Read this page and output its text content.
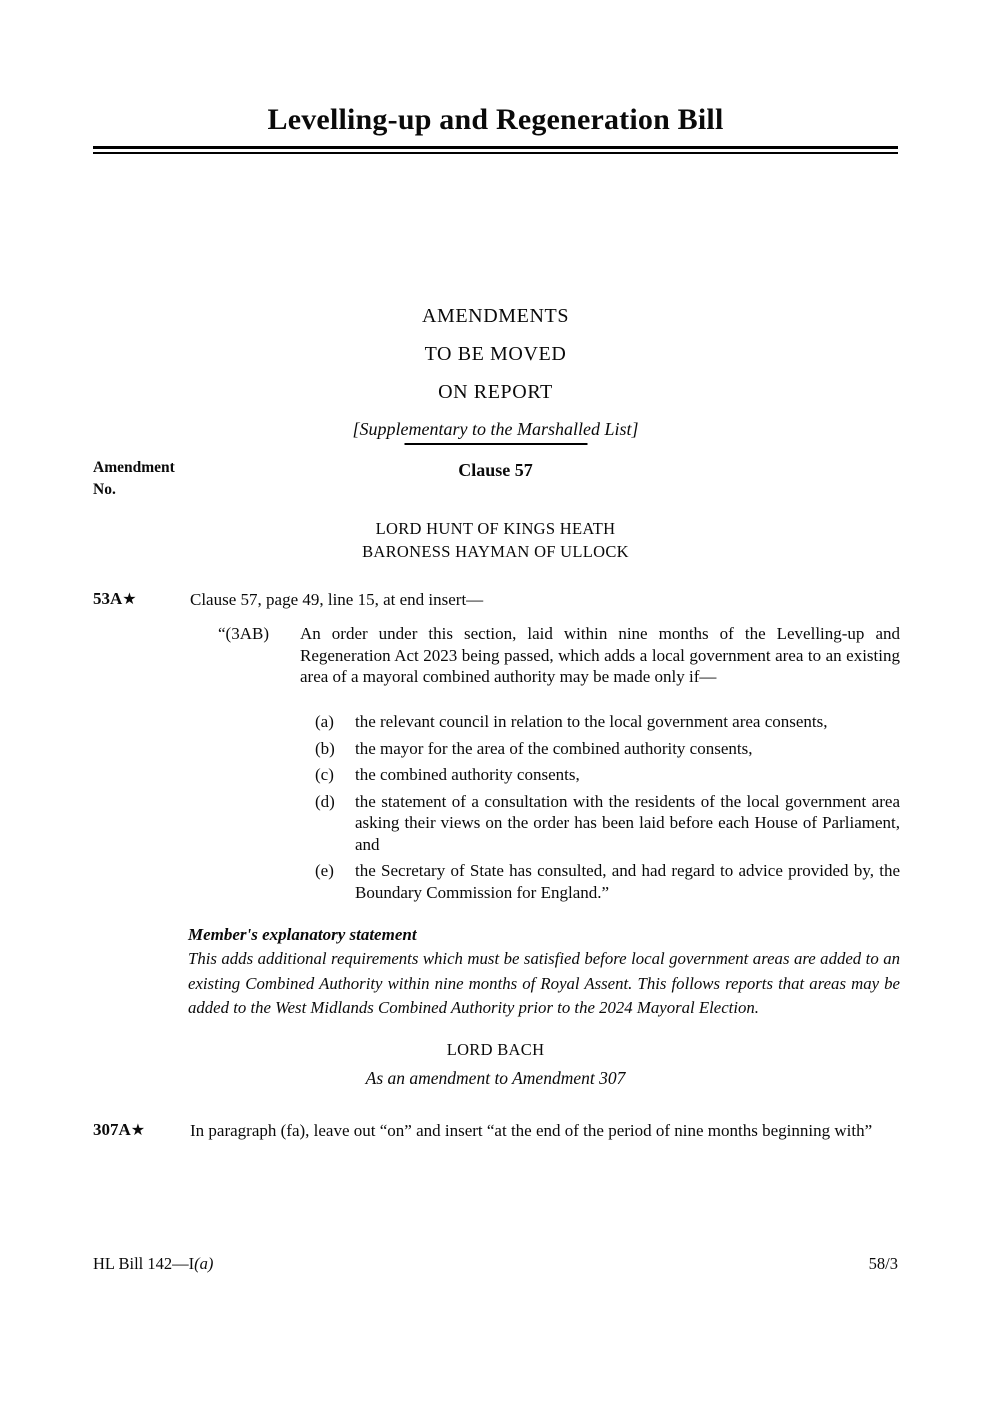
Levelling-up and Regeneration Bill
AMENDMENTS
TO BE MOVED
ON REPORT
[Supplementary to the Marshalled List]
Amendment
No.
Clause 57
LORD HUNT OF KINGS HEATH
BARONESS HAYMAN OF ULLOCK
53A★	Clause 57, page 49, line 15, at end insert—
“(3AB)	An order under this section, laid within nine months of the Levelling-up and Regeneration Act 2023 being passed, which adds a local government area to an existing area of a mayoral combined authority may be made only if—
(a)	the relevant council in relation to the local government area consents,
(b)	the mayor for the area of the combined authority consents,
(c)	the combined authority consents,
(d)	the statement of a consultation with the residents of the local government area asking their views on the order has been laid before each House of Parliament, and
(e)	the Secretary of State has consulted, and had regard to advice provided by, the Boundary Commission for England.”
Member's explanatory statement
This adds additional requirements which must be satisfied before local government areas are added to an existing Combined Authority within nine months of Royal Assent. This follows reports that areas may be added to the West Midlands Combined Authority prior to the 2024 Mayoral Election.
LORD BACH
As an amendment to Amendment 307
307A★	In paragraph (fa), leave out “on” and insert “at the end of the period of nine months beginning with”
HL Bill 142—I(a)	58/3
